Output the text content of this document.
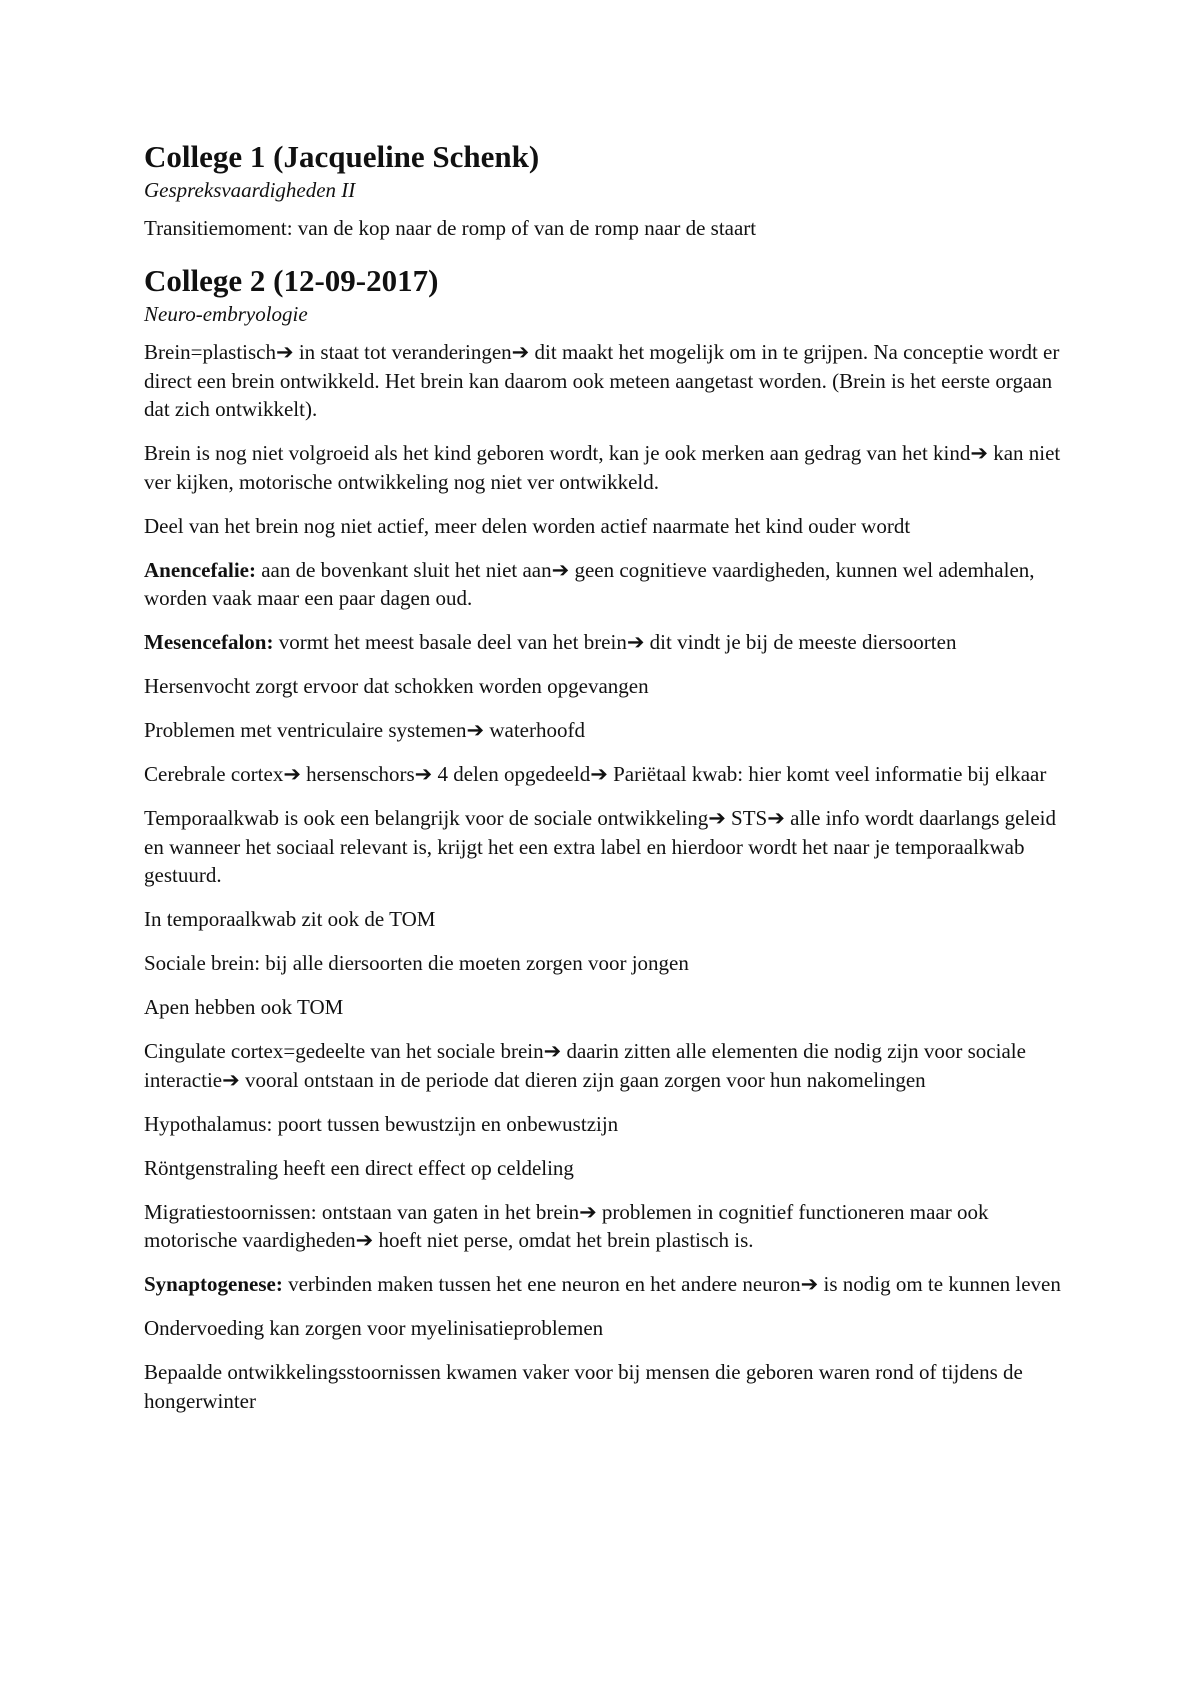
College 1 (Jacqueline Schenk)
Gespreksvaardigheden II

Transitiemoment: van de kop naar de romp of van de romp naar de staart

College 2 (12-09-2017)
Neuro-embryologie

Brein=plastisch➔ in staat tot veranderingen➔ dit maakt het mogelijk om in te grijpen. Na conceptie wordt er direct een brein ontwikkeld. Het brein kan daarom ook meteen aangetast worden. (Brein is het eerste orgaan dat zich ontwikkelt).

Brein is nog niet volgroeid als het kind geboren wordt, kan je ook merken aan gedrag van het kind➔ kan niet ver kijken, motorische ontwikkeling nog niet ver ontwikkeld.

Deel van het brein nog niet actief, meer delen worden actief naarmate het kind ouder wordt

Anencefalie: aan de bovenkant sluit het niet aan➔ geen cognitieve vaardigheden, kunnen wel ademhalen, worden vaak maar een paar dagen oud.

Mesencefalon: vormt het meest basale deel van het brein➔ dit vindt je bij de meeste diersoorten

Hersenvocht zorgt ervoor dat schokken worden opgevangen

Problemen met ventriculaire systemen➔ waterhoofd

Cerebrale cortex➔ hersenschors➔ 4 delen opgedeeld➔ Pariëtaal kwab: hier komt veel informatie bij elkaar

Temporaalkwab is ook een belangrijk voor de sociale ontwikkeling➔ STS➔ alle info wordt daarlangs geleid en wanneer het sociaal relevant is, krijgt het een extra label en hierdoor wordt het naar je temporaalkwab gestuurd.

In temporaalkwab zit ook de TOM

Sociale brein: bij alle diersoorten die moeten zorgen voor jongen

Apen hebben ook TOM

Cingulate cortex=gedeelte van het sociale brein➔ daarin zitten alle elementen die nodig zijn voor sociale interactie➔ vooral ontstaan in de periode dat dieren zijn gaan zorgen voor hun nakomelingen

Hypothalamus: poort tussen bewustzijn en onbewustzijn

Röntgenstraling heeft een direct effect op celdeling

Migratiestoornissen: ontstaan van gaten in het brein➔ problemen in cognitief functioneren maar ook motorische vaardigheden➔ hoeft niet perse, omdat het brein plastisch is.

Synaptogenese: verbinden maken tussen het ene neuron en het andere neuron➔ is nodig om te kunnen leven

Ondervoeding kan zorgen voor myelinisatieproblemen

Bepaalde ontwikkelingsstoornissen kwamen vaker voor bij mensen die geboren waren rond of tijdens de hongerwinter
